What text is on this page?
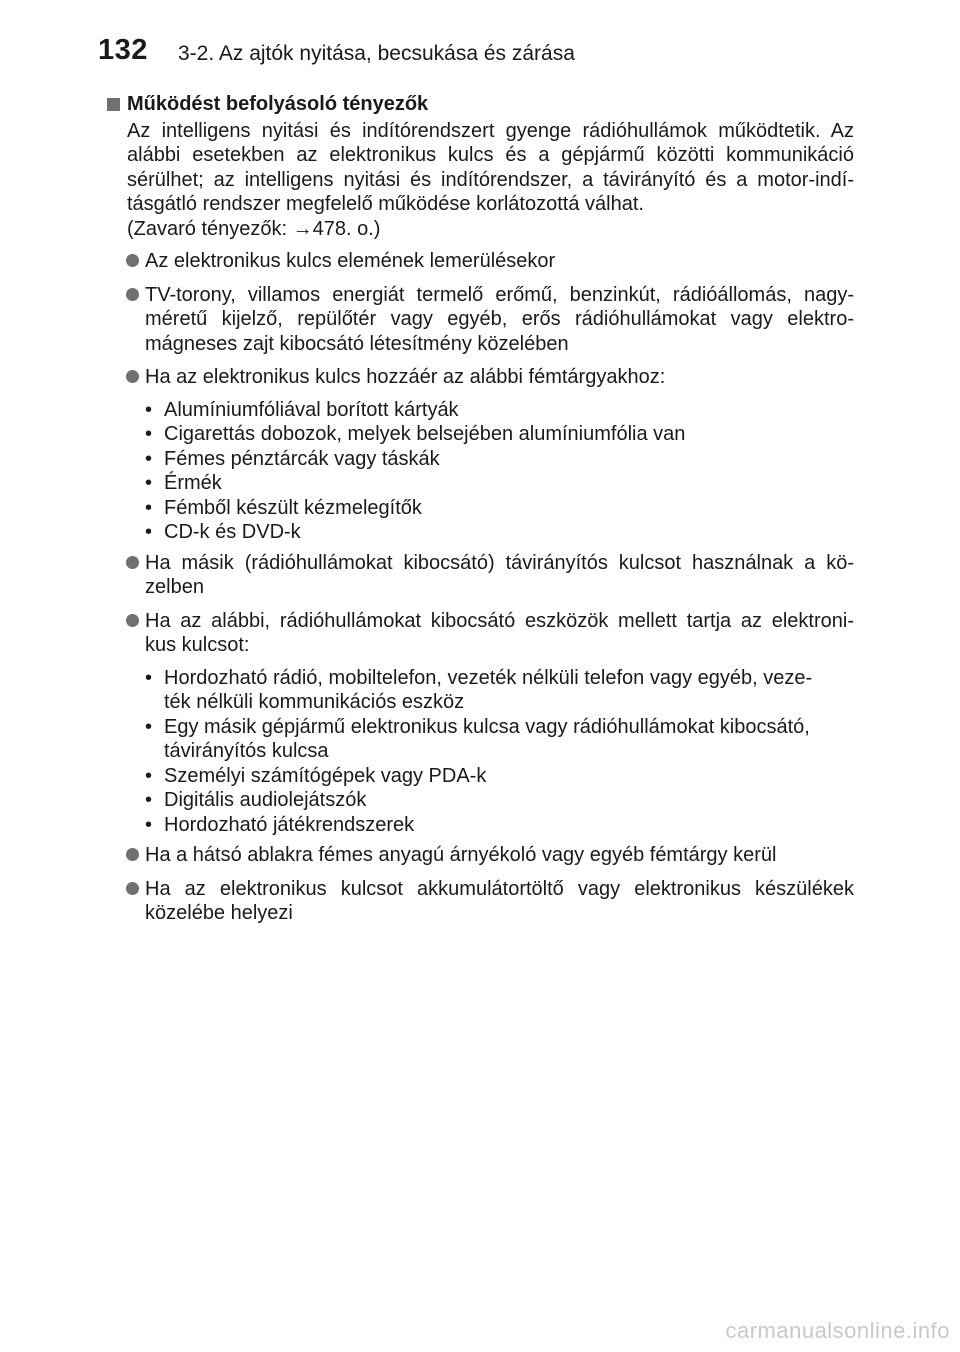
132 3-2. Az ajtók nyitása, becsukása és zárása
Működést befolyásoló tényezők
Az intelligens nyitási és indítórendszert gyenge rádióhullámok működtetik. Az
alábbi esetekben az elektronikus kulcs és a gépjármű közötti kommunikáció
sérülhet; az intelligens nyitási és indítórendszer, a távirányító és a motor-indí-
tásgátló rendszer megfelelő működése korlátozottá válhat.
(Zavaró tényezők: →478. o.)
Az elektronikus kulcs elemének lemerülésekor
TV-torony, villamos energiát termelő erőmű, benzinkút, rádióállomás, nagy-
méretű kijelző, repülőtér vagy egyéb, erős rádióhullámokat vagy elektro-
mágneses zajt kibocsátó létesítmény közelében
Ha az elektronikus kulcs hozzáér az alábbi fémtárgyakhoz:
• Alumíniumfóliával borított kártyák
• Cigarettás dobozok, melyek belsejében alumíniumfólia van
• Fémes pénztárcák vagy táskák
• Érmék
• Fémből készült kézmelegítők
• CD-k és DVD-k
Ha másik (rádióhullámokat kibocsátó) távirányítós kulcsot használnak a kö-
zelben
Ha az alábbi, rádióhullámokat kibocsátó eszközök mellett tartja az elektroni-
kus kulcsot:
• Hordozható rádió, mobiltelefon, vezeték nélküli telefon vagy egyéb, veze-
ték nélküli kommunikációs eszköz
• Egy másik gépjármű elektronikus kulcsa vagy rádióhullámokat kibocsátó,
távirányítós kulcsa
• Személyi számítógépek vagy PDA-k
• Digitális audiolejátszók
• Hordozható játékrendszerek
Ha a hátsó ablakra fémes anyagú árnyékoló vagy egyéb fémtárgy kerül
Ha az elektronikus kulcsot akkumulátortöltő vagy elektronikus készülékek
közelébe helyezi
carmanualsonline.info
